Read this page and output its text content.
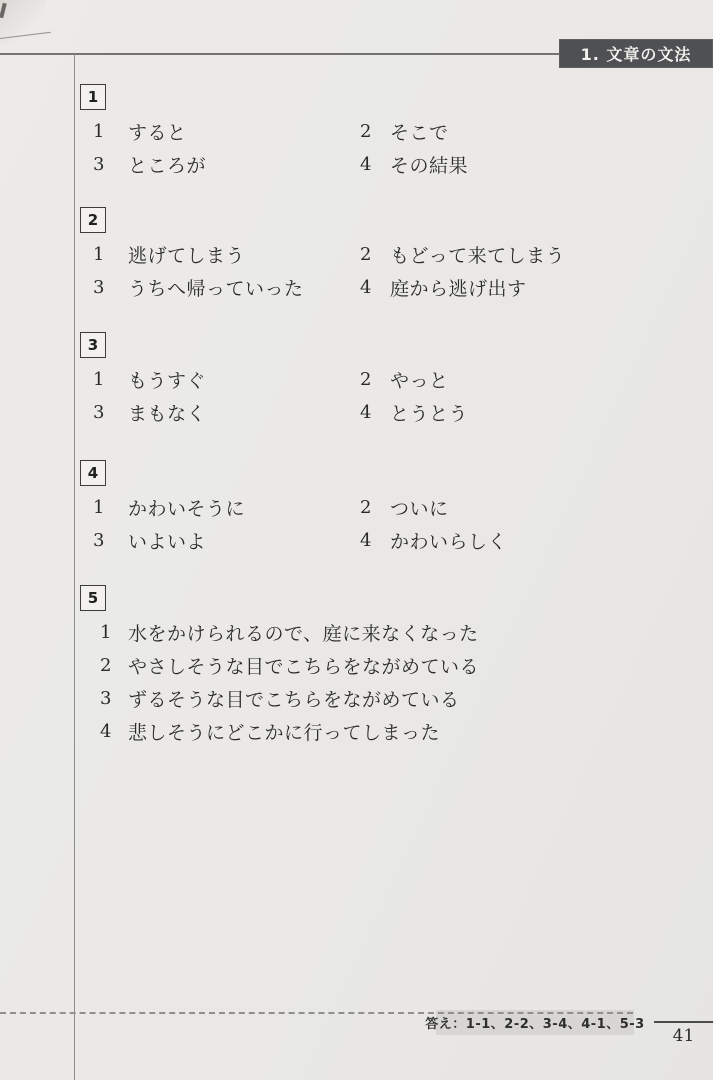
1. 文章の文法
1
1	すると	2 そこで
3	ところが	4 その結果
2
1	逃げてしまう	2 もどって来てしまう
3	うちへ帰っていった	4 庭から逃げ出す
3
1	もうすぐ	2 やっと
3	まもなく	4 とうとう
4
1	かわいそうに	2 ついに
3	いよいよ	4 かわいらしく
5
1 水をかけられるので、庭に来なくなった
2 やさしそうな目でこちらをながめている
3 ずるそうな目でこちらをながめている
4 悲しそうにどこかに行ってしまった
答え：1-1、2-2、3-4、4-1、5-3
41
